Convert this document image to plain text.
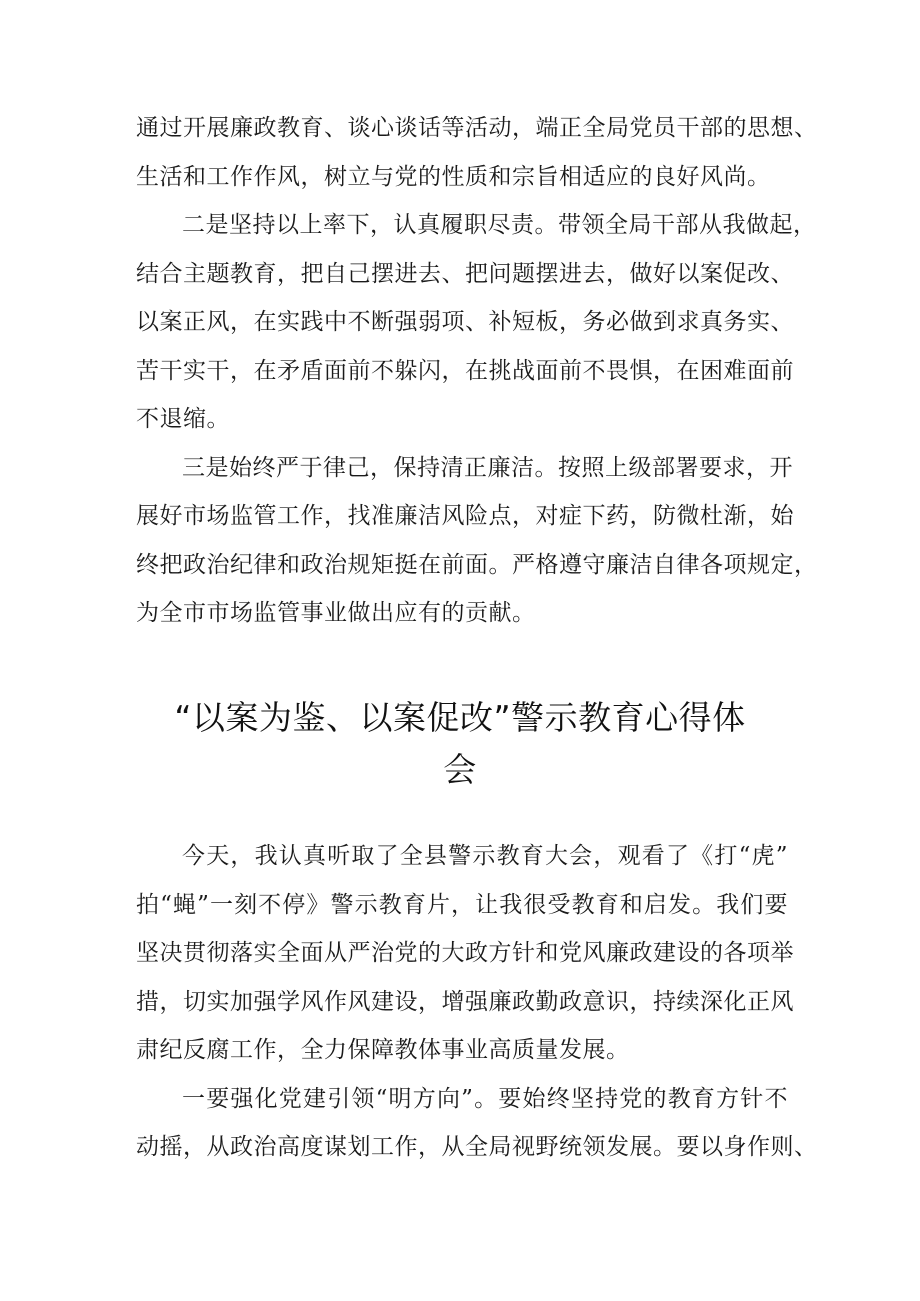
通过开展廉政教育、谈心谈话等活动，端正全局党员干部的思想、
生活和工作作风，树立与党的性质和宗旨相适应的良好风尚。
二是坚持以上率下，认真履职尽责。带领全局干部从我做起，
结合主题教育，把自己摆进去、把问题摆进去，做好以案促改、
以案正风，在实践中不断强弱项、补短板，务必做到求真务实、
苦干实干，在矛盾面前不躲闪，在挑战面前不畏惧，在困难面前
不退缩。
三是始终严于律己，保持清正廉洁。按照上级部署要求，开
展好市场监管工作，找准廉洁风险点，对症下药，防微杜渐，始
终把政治纪律和政治规矩挺在前面。严格遵守廉洁自律各项规定，
为全市市场监管事业做出应有的贡献。
“以案为鉴、以案促改”警示教育心得体
会
今天，我认真听取了全县警示教育大会，观看了《打“虎”
拍“蝇”一刻不停》警示教育片，让我很受教育和启发。我们要
坚决贯彻落实全面从严治党的大政方针和党风廉政建设的各项举
措，切实加强学风作风建设，增强廉政勤政意识，持续深化正风
肃纪反腐工作，全力保障教体事业高质量发展。
一要强化党建引领“明方向”。要始终坚持党的教育方针不
动摇，从政治高度谋划工作，从全局视野统领发展。要以身作则、
